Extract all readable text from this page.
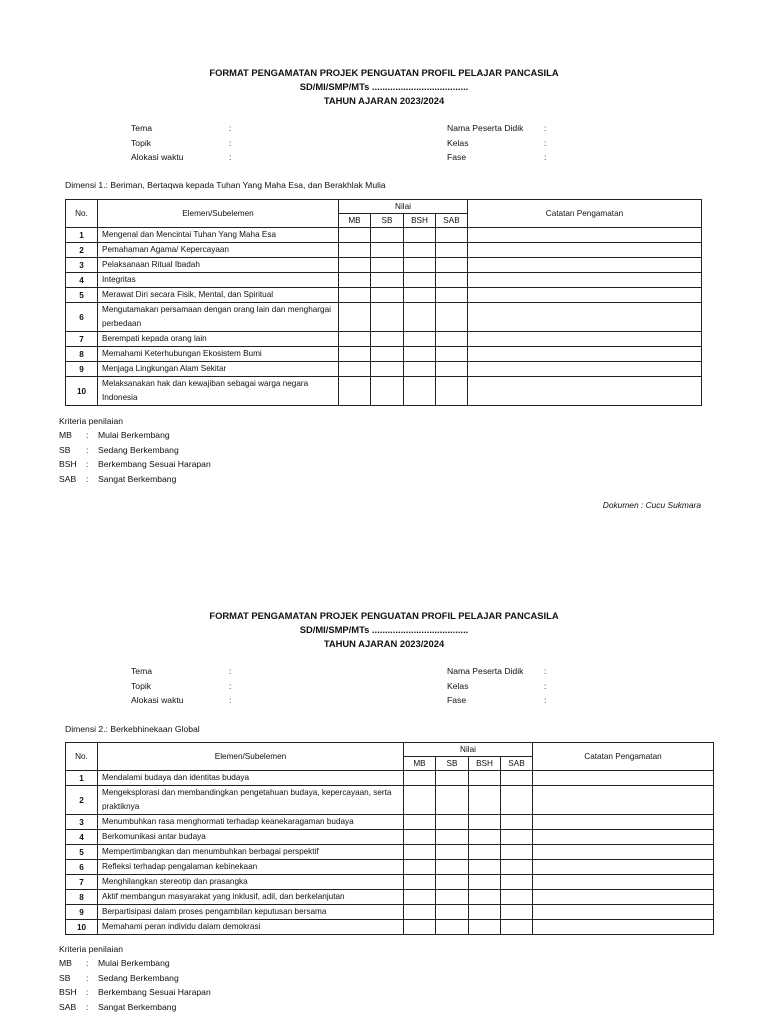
FORMAT PENGAMATAN PROJEK PENGUATAN PROFIL PELAJAR PANCASILA
SD/MI/SMP/MTs .....................................
TAHUN AJARAN 2023/2024
Tema	:
Topik	:
Alokasi waktu	:
Nama Peserta Didik	:
Kelas	:
Fase	:
Dimensi 1.: Beriman, Bertaqwa kepada Tuhan Yang Maha Esa, dan Berakhlak Mulia
No.	Elemen/Subelemen	Nilai				Catatan Pengamatan
		MB	SB	BSH	SAB	
1	Mengenal dan Mencintai Tuhan Yang Maha Esa					
2	Pemahaman Agama/ Kepercayaan					
3	Pelaksanaan Ritual Ibadah					
4	Integritas					
5	Merawat Diri secara Fisik, Mental, dan Spiritual					
6	Mengutamakan persamaan dengan orang lain dan menghargai perbedaan					
7	Berempati kepada orang lain					
8	Memahami Keterhubungan Ekosistem Bumi					
9	Menjaga Lingkungan Alam Sekitar					
10	Melaksanakan hak dan kewajiban sebagai warga negara Indonesia					
Kriteria penilaian
MB	:	Mulai Berkembang
SB	:	Sedang Berkembang
BSH	:	Berkembang Sesuai Harapan
SAB	:	Sangat Berkembang
Dokumen : Cucu Sukmara
FORMAT PENGAMATAN PROJEK PENGUATAN PROFIL PELAJAR PANCASILA
SD/MI/SMP/MTs .....................................
TAHUN AJARAN 2023/2024
Tema	:
Topik	:
Alokasi waktu	:
Nama Peserta Didik	:
Kelas	:
Fase	:
Dimensi 2.: Berkebhinekaan Global
No.	Elemen/Subelemen	Nilai				Catatan Pengamatan
		MB	SB	BSH	SAB	
1	Mendalami budaya dan identitas budaya					
2	Mengeksplorasi dan membandingkan pengetahuan budaya, kepercayaan, serta praktiknya					
3	Menumbuhkan rasa menghormati terhadap keanekaragaman budaya					
4	Berkomunikasi antar budaya					
5	Mempertimbangkan dan menumbuhkan berbagai perspektif					
6	Refleksi terhadap pengalaman kebinekaan					
7	Menghilangkan stereotip dan prasangka					
8	Aktif membangun masyarakat yang inklusif, adil, dan berkelanjutan					
9	Berpartisipasi dalam proses pengambilan keputusan bersama					
10	Memahami peran individu dalam demokrasi					
Kriteria penilaian
MB	:	Mulai Berkembang
SB	:	Sedang Berkembang
BSH	:	Berkembang Sesuai Harapan
SAB	:	Sangat Berkembang
